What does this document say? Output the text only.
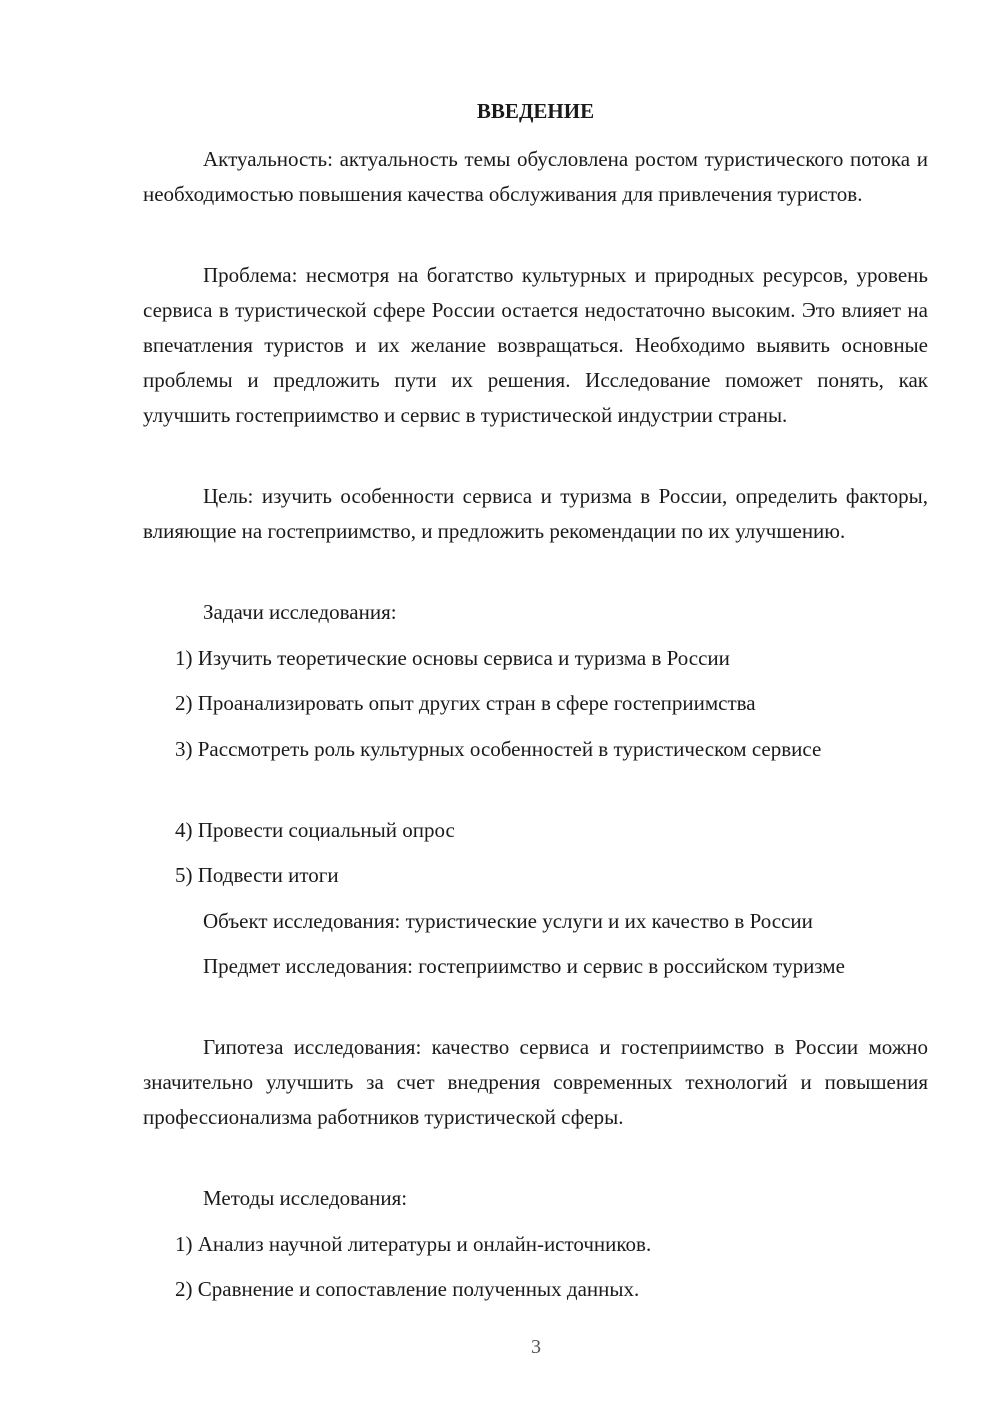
ВВЕДЕНИЕ

Актуальность: актуальность темы обусловлена ростом туристического потока и необходимостью повышения качества обслуживания для привлечения туристов.

Проблема: несмотря на богатство культурных и природных ресурсов, уровень сервиса в туристической сфере России остается недостаточно высоким. Это влияет на впечатления туристов и их желание возвращаться. Необходимо выявить основные проблемы и предложить пути их решения. Исследование поможет понять, как улучшить гостеприимство и сервис в туристической индустрии страны.

Цель: изучить особенности сервиса и туризма в России, определить факторы, влияющие на гостеприимство, и предложить рекомендации по их улучшению.

Задачи исследования:

1) Изучить теоретические основы сервиса и туризма в России

2) Проанализировать опыт других стран в сфере гостеприимства

3) Рассмотреть роль культурных особенностей в туристическом сервисе

4) Провести социальный опрос

5) Подвести итоги

Объект исследования: туристические услуги и их качество в России

Предмет исследования: гостеприимство и сервис в российском туризме

Гипотеза исследования: качество сервиса и гостеприимство в России можно значительно улучшить за счет внедрения современных технологий и повышения профессионализма работников туристической сферы.

Методы исследования:

1) Анализ научной литературы и онлайн-источников.

2) Сравнение и сопоставление полученных данных.

3
